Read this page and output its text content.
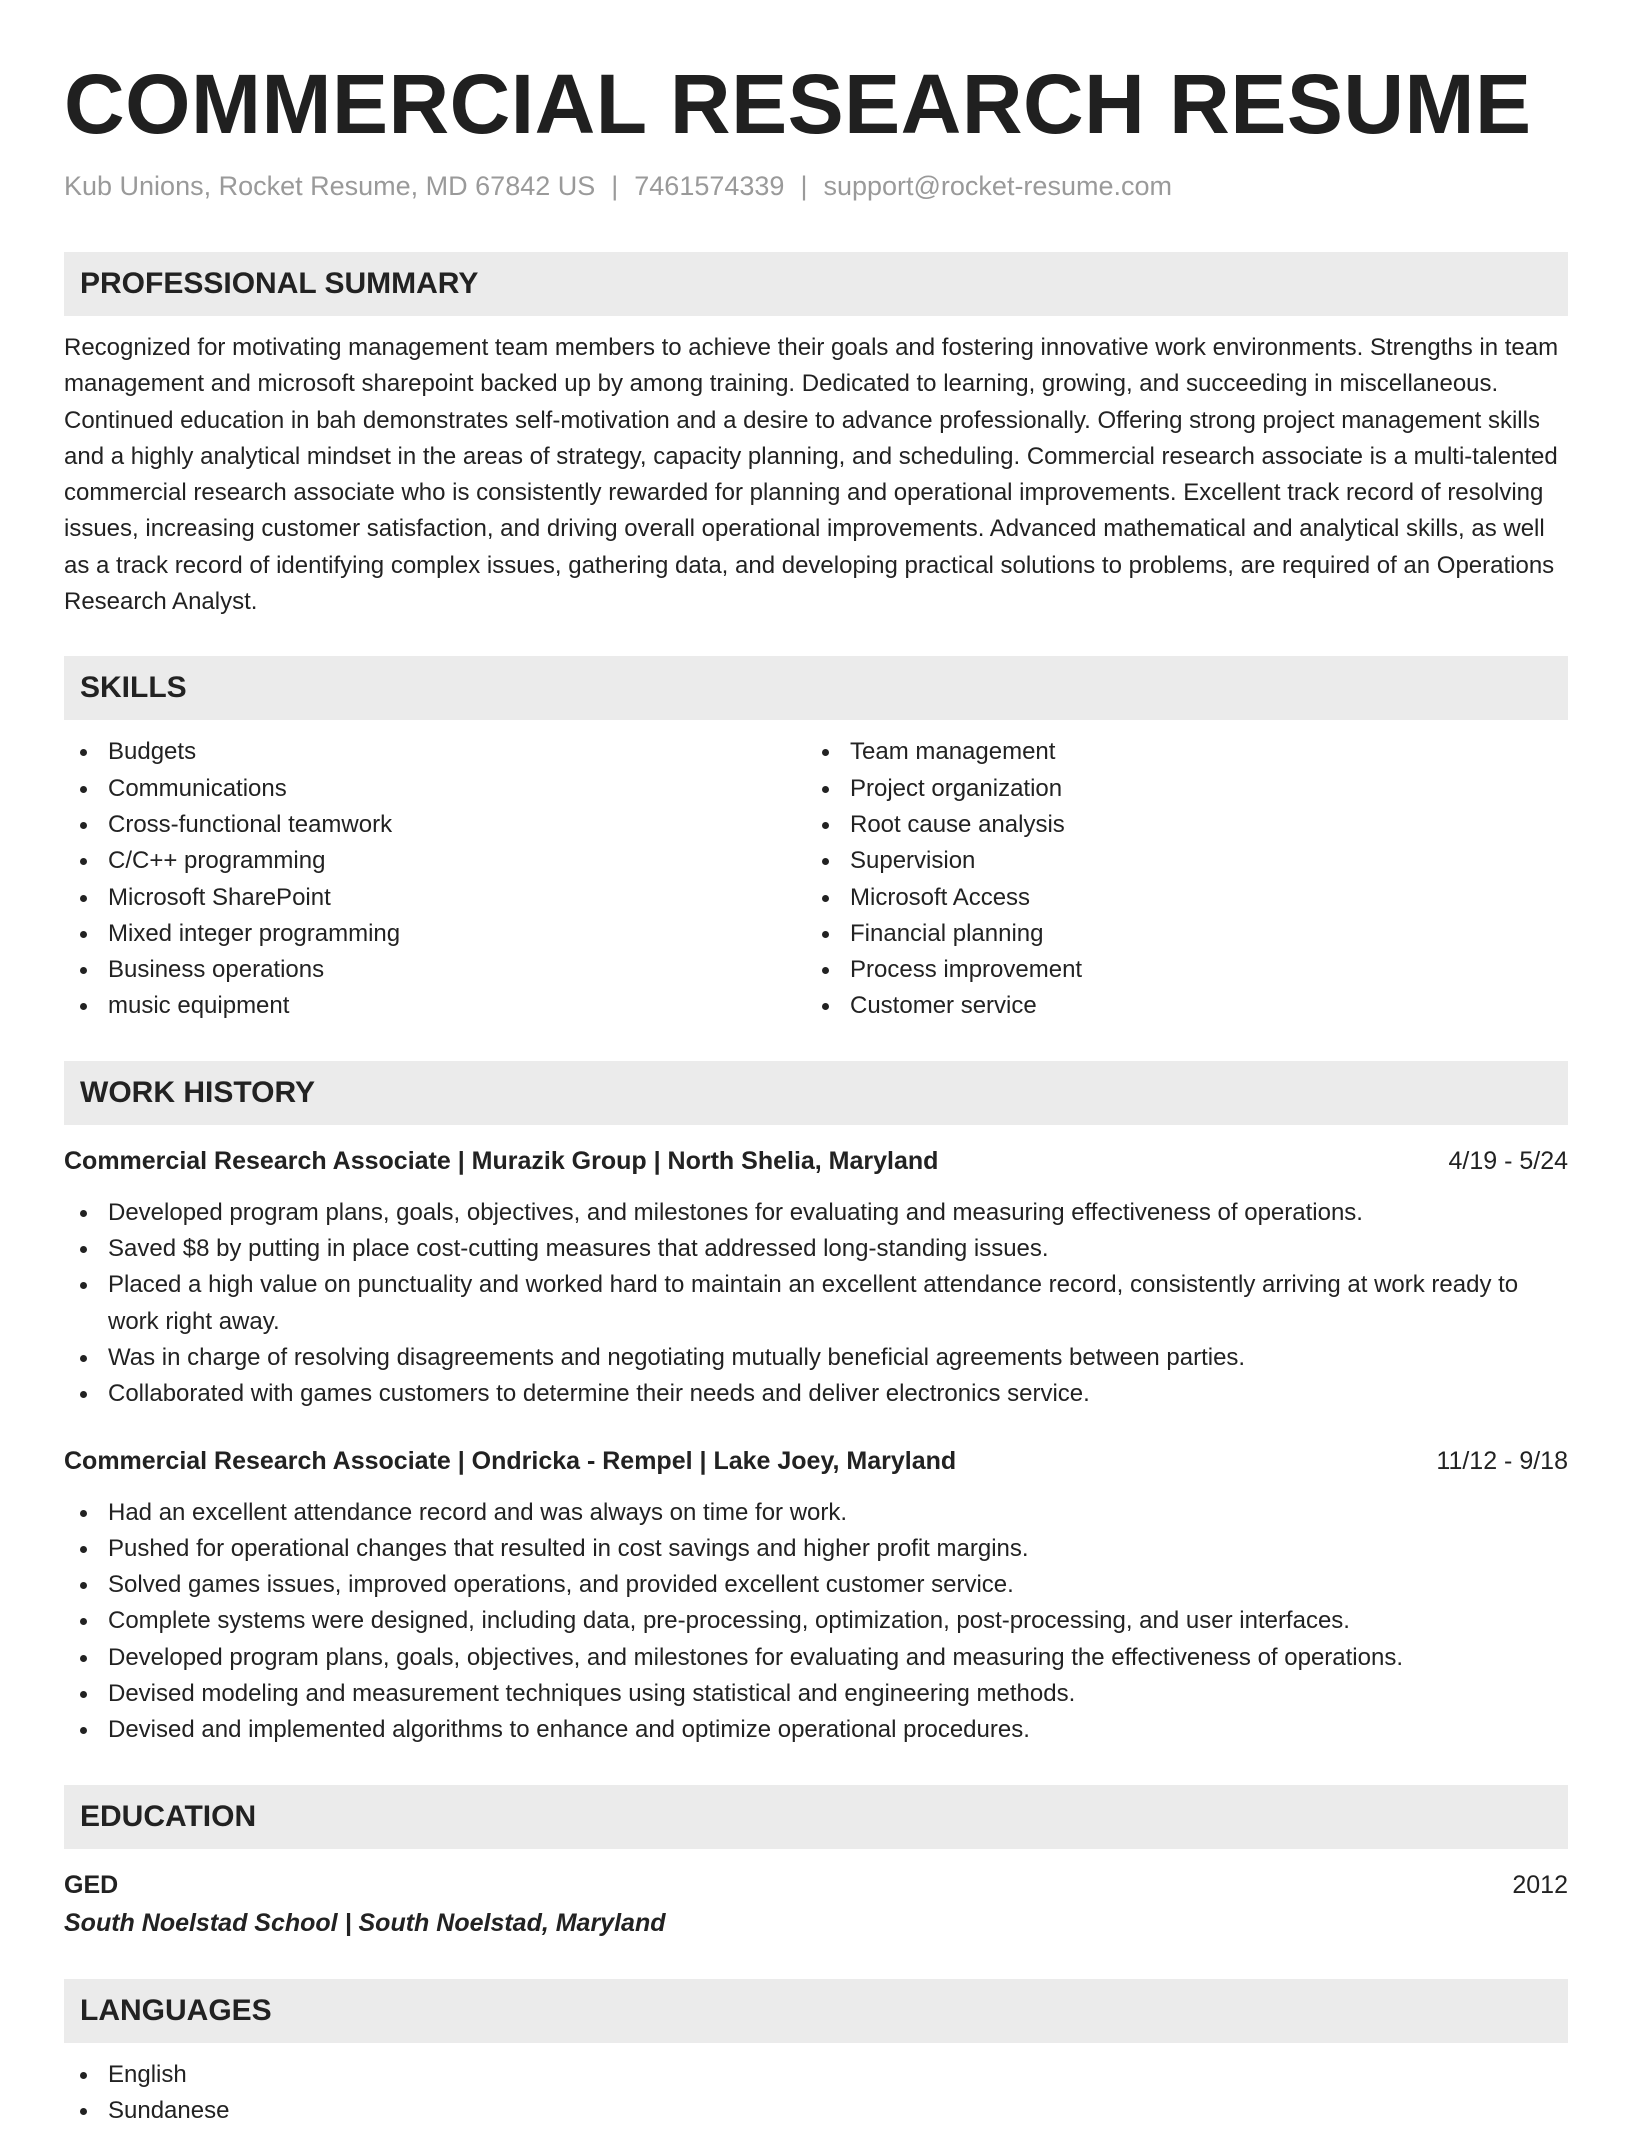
COMMERCIAL RESEARCH RESUME
Kub Unions, Rocket Resume, MD 67842 US | 7461574339 | support@rocket-resume.com
PROFESSIONAL SUMMARY
Recognized for motivating management team members to achieve their goals and fostering innovative work environments. Strengths in team management and microsoft sharepoint backed up by among training. Dedicated to learning, growing, and succeeding in miscellaneous. Continued education in bah demonstrates self-motivation and a desire to advance professionally. Offering strong project management skills and a highly analytical mindset in the areas of strategy, capacity planning, and scheduling. Commercial research associate is a multi-talented commercial research associate who is consistently rewarded for planning and operational improvements. Excellent track record of resolving issues, increasing customer satisfaction, and driving overall operational improvements. Advanced mathematical and analytical skills, as well as a track record of identifying complex issues, gathering data, and developing practical solutions to problems, are required of an Operations Research Analyst.
SKILLS
Budgets
Communications
Cross-functional teamwork
C/C++ programming
Microsoft SharePoint
Mixed integer programming
Business operations
music equipment
Team management
Project organization
Root cause analysis
Supervision
Microsoft Access
Financial planning
Process improvement
Customer service
WORK HISTORY
Commercial Research Associate | Murazik Group | North Shelia, Maryland	4/19 - 5/24
Developed program plans, goals, objectives, and milestones for evaluating and measuring effectiveness of operations.
Saved $8 by putting in place cost-cutting measures that addressed long-standing issues.
Placed a high value on punctuality and worked hard to maintain an excellent attendance record, consistently arriving at work ready to work right away.
Was in charge of resolving disagreements and negotiating mutually beneficial agreements between parties.
Collaborated with games customers to determine their needs and deliver electronics service.
Commercial Research Associate | Ondricka - Rempel | Lake Joey, Maryland	11/12 - 9/18
Had an excellent attendance record and was always on time for work.
Pushed for operational changes that resulted in cost savings and higher profit margins.
Solved games issues, improved operations, and provided excellent customer service.
Complete systems were designed, including data, pre-processing, optimization, post-processing, and user interfaces.
Developed program plans, goals, objectives, and milestones for evaluating and measuring the effectiveness of operations.
Devised modeling and measurement techniques using statistical and engineering methods.
Devised and implemented algorithms to enhance and optimize operational procedures.
EDUCATION
GED	2012
South Noelstad School | South Noelstad, Maryland
LANGUAGES
English
Sundanese
